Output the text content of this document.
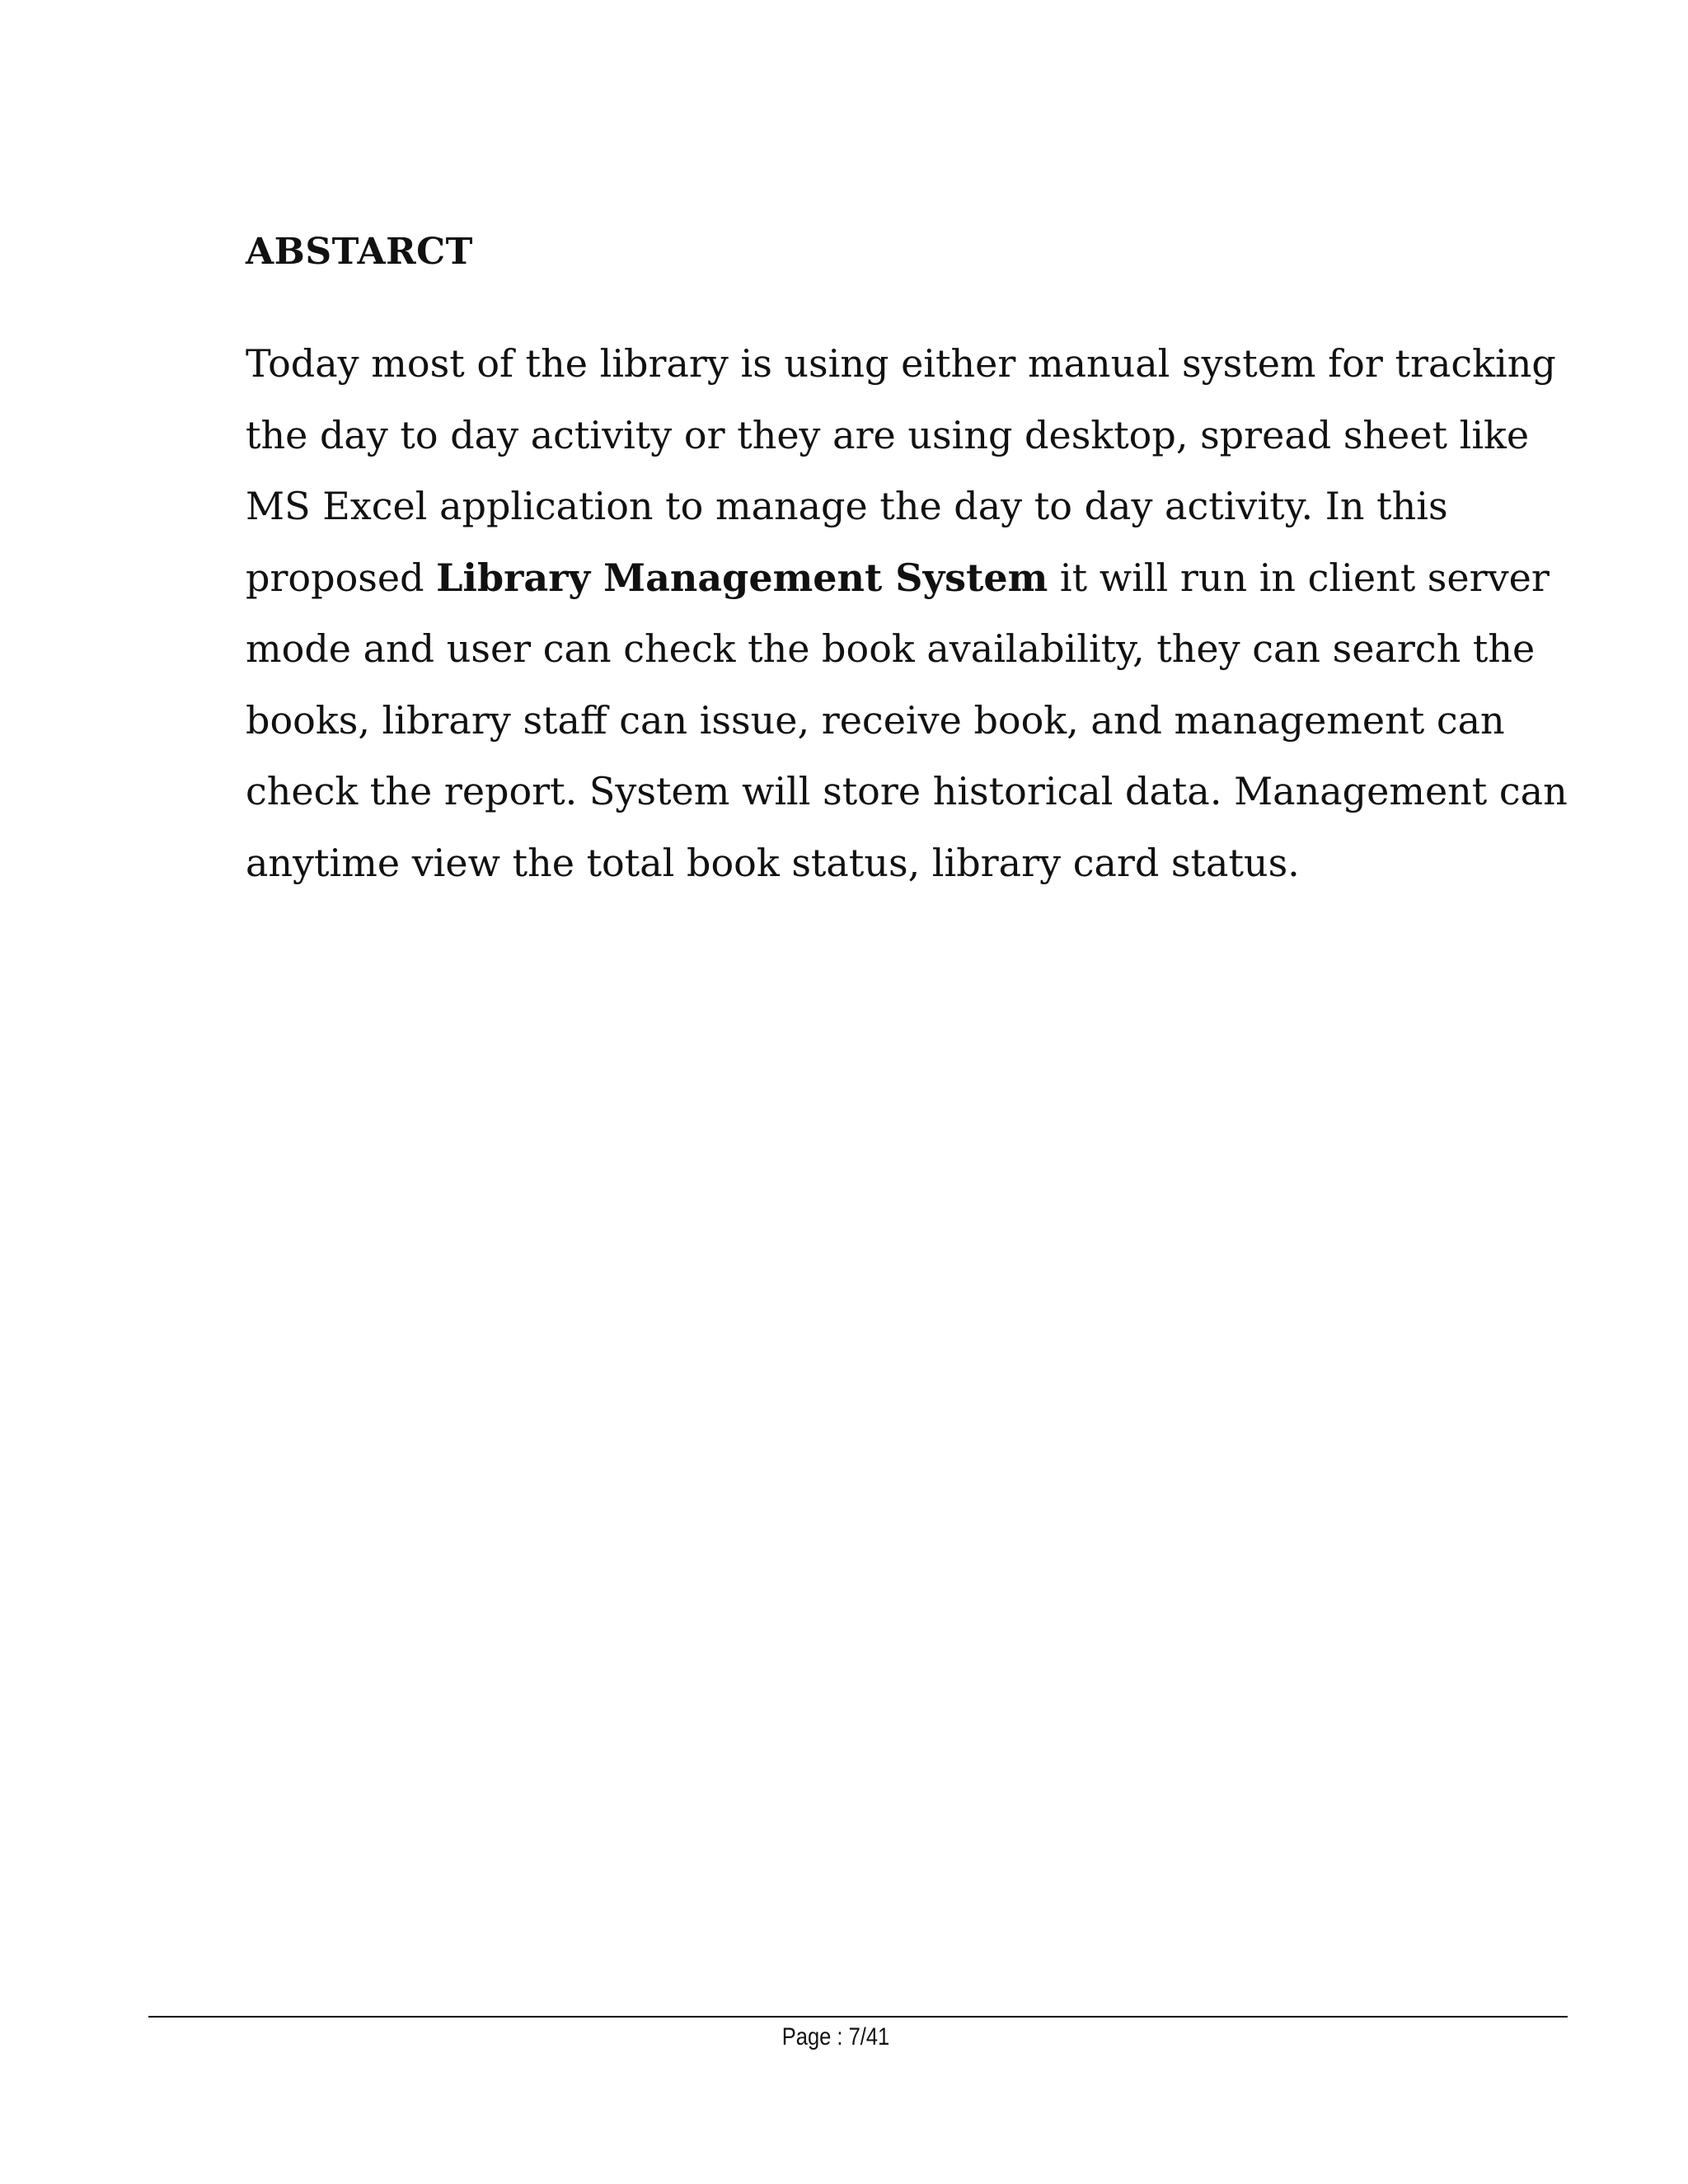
ABSTARCT

Today most of the library is using either manual system for tracking
the day to day activity or they are using desktop, spread sheet like
MS Excel application to manage the day to day activity. In this
proposed Library Management System it will run in client server
mode and user can check the book availability, they can search the
books, library staff can issue, receive book, and management can
check the report. System will store historical data. Management can
anytime view the total book status, library card status.

Page : 7/41
